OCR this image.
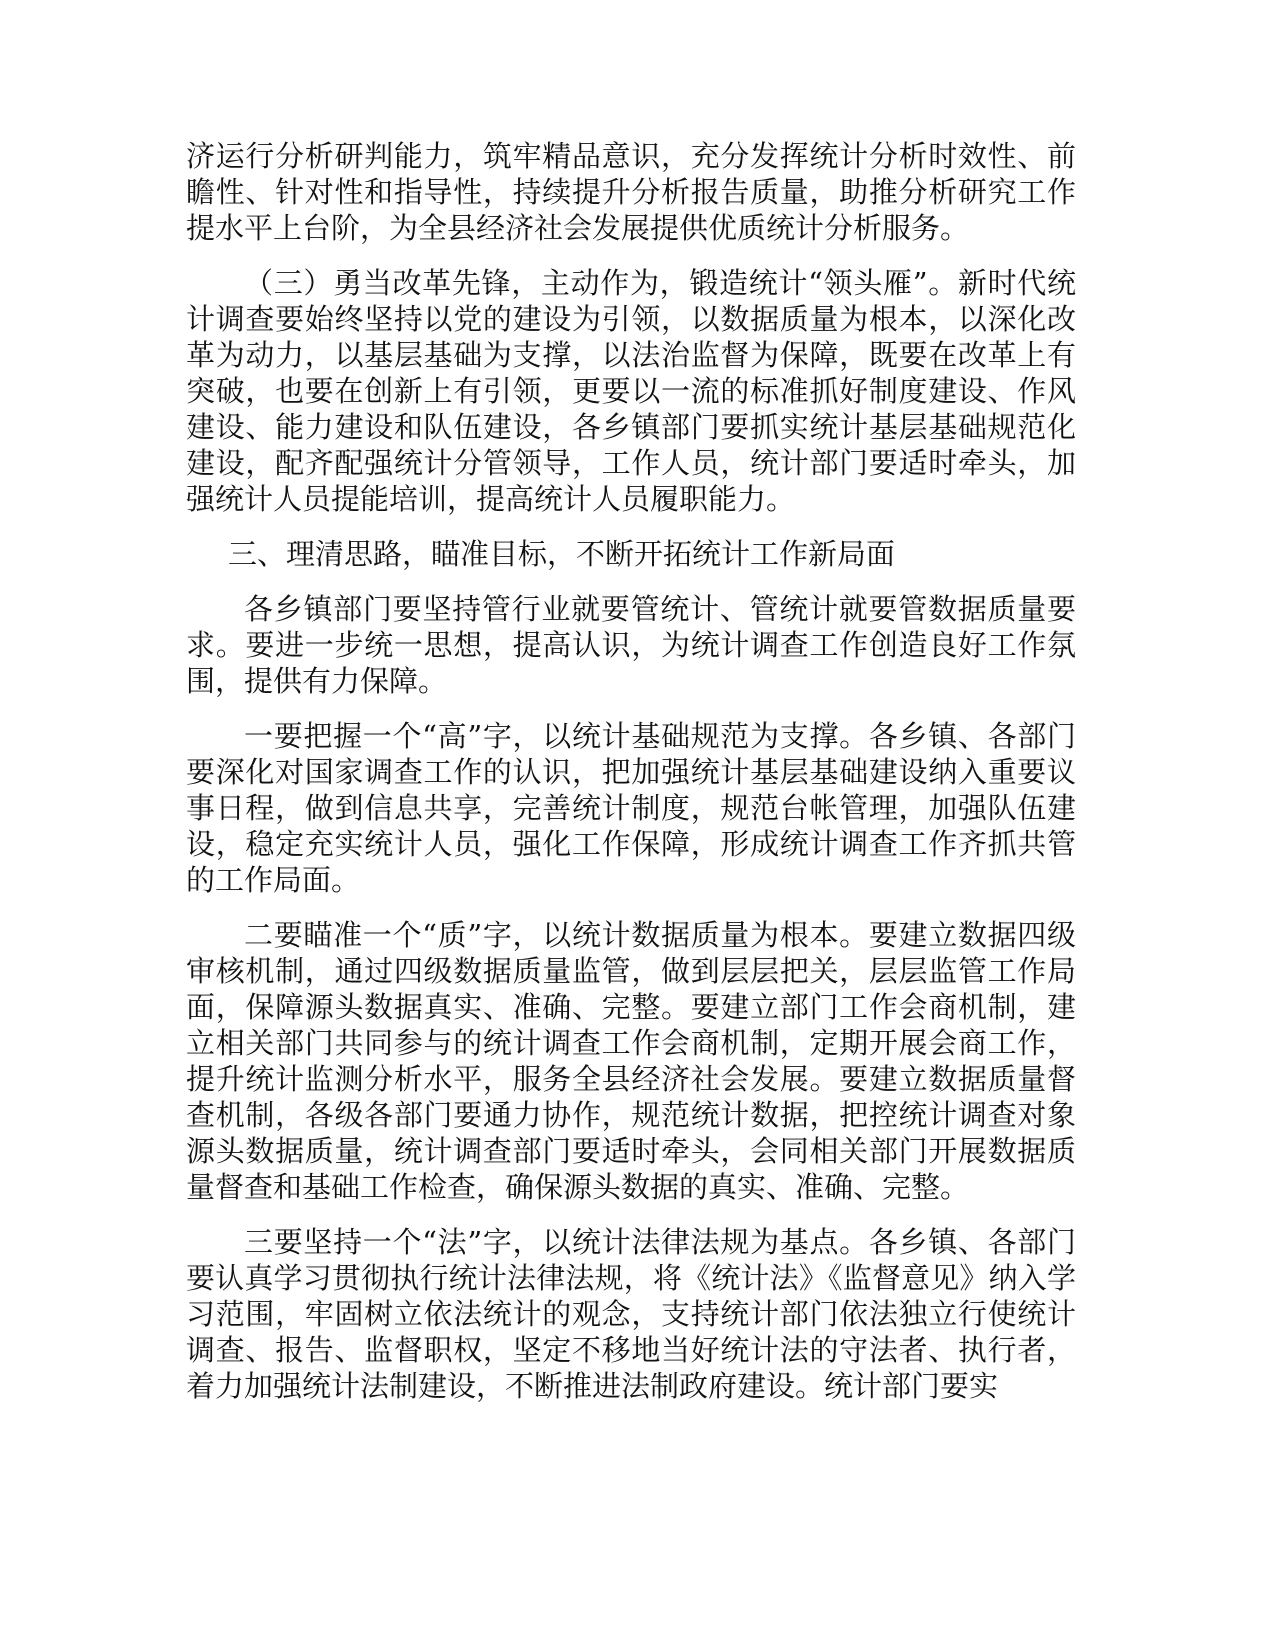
济运行分析研判能力，筑牢精品意识，充分发挥统计分析时效性、前瞻性、针对性和指导性，持续提升分析报告质量，助推分析研究工作提水平上台阶，为全县经济社会发展提供优质统计分析服务。

（三）勇当改革先锋，主动作为，锻造统计“领头雁”。新时代统计调查要始终坚持以党的建设为引领，以数据质量为根本，以深化改革为动力，以基层基础为支撑，以法治监督为保障，既要在改革上有突破，也要在创新上有引领，更要以一流的标准抓好制度建设、作风建设、能力建设和队伍建设，各乡镇部门要抓实统计基层基础规范化建设，配齐配强统计分管领导，工作人员，统计部门要适时牵头，加强统计人员提能培训，提高统计人员履职能力。

三、理清思路，瞄准目标，不断开拓统计工作新局面

各乡镇部门要坚持管行业就要管统计、管统计就要管数据质量要求。要进一步统一思想，提高认识，为统计调查工作创造良好工作氛围，提供有力保障。

一要把握一个“高”字，以统计基础规范为支撑。各乡镇、各部门要深化对国家调查工作的认识，把加强统计基层基础建设纳入重要议事日程，做到信息共享，完善统计制度，规范台帐管理，加强队伍建设，稳定充实统计人员，强化工作保障，形成统计调查工作齐抓共管的工作局面。

二要瞄准一个“质”字，以统计数据质量为根本。要建立数据四级审核机制，通过四级数据质量监管，做到层层把关，层层监管工作局面，保障源头数据真实、准确、完整。要建立部门工作会商机制，建立相关部门共同参与的统计调查工作会商机制，定期开展会商工作，提升统计监测分析水平，服务全县经济社会发展。要建立数据质量督查机制，各级各部门要通力协作，规范统计数据，把控统计调查对象源头数据质量，统计调查部门要适时牵头，会同相关部门开展数据质量督查和基础工作检查，确保源头数据的真实、准确、完整。

三要坚持一个“法”字，以统计法律法规为基点。各乡镇、各部门要认真学习贯彻执行统计法律法规，将《统计法》《监督意见》纳入学习范围，牢固树立依法统计的观念，支持统计部门依法独立行使统计调查、报告、监督职权，坚定不移地当好统计法的守法者、执行者，着力加强统计法制建设，不断推进法制政府建设。统计部门要实
